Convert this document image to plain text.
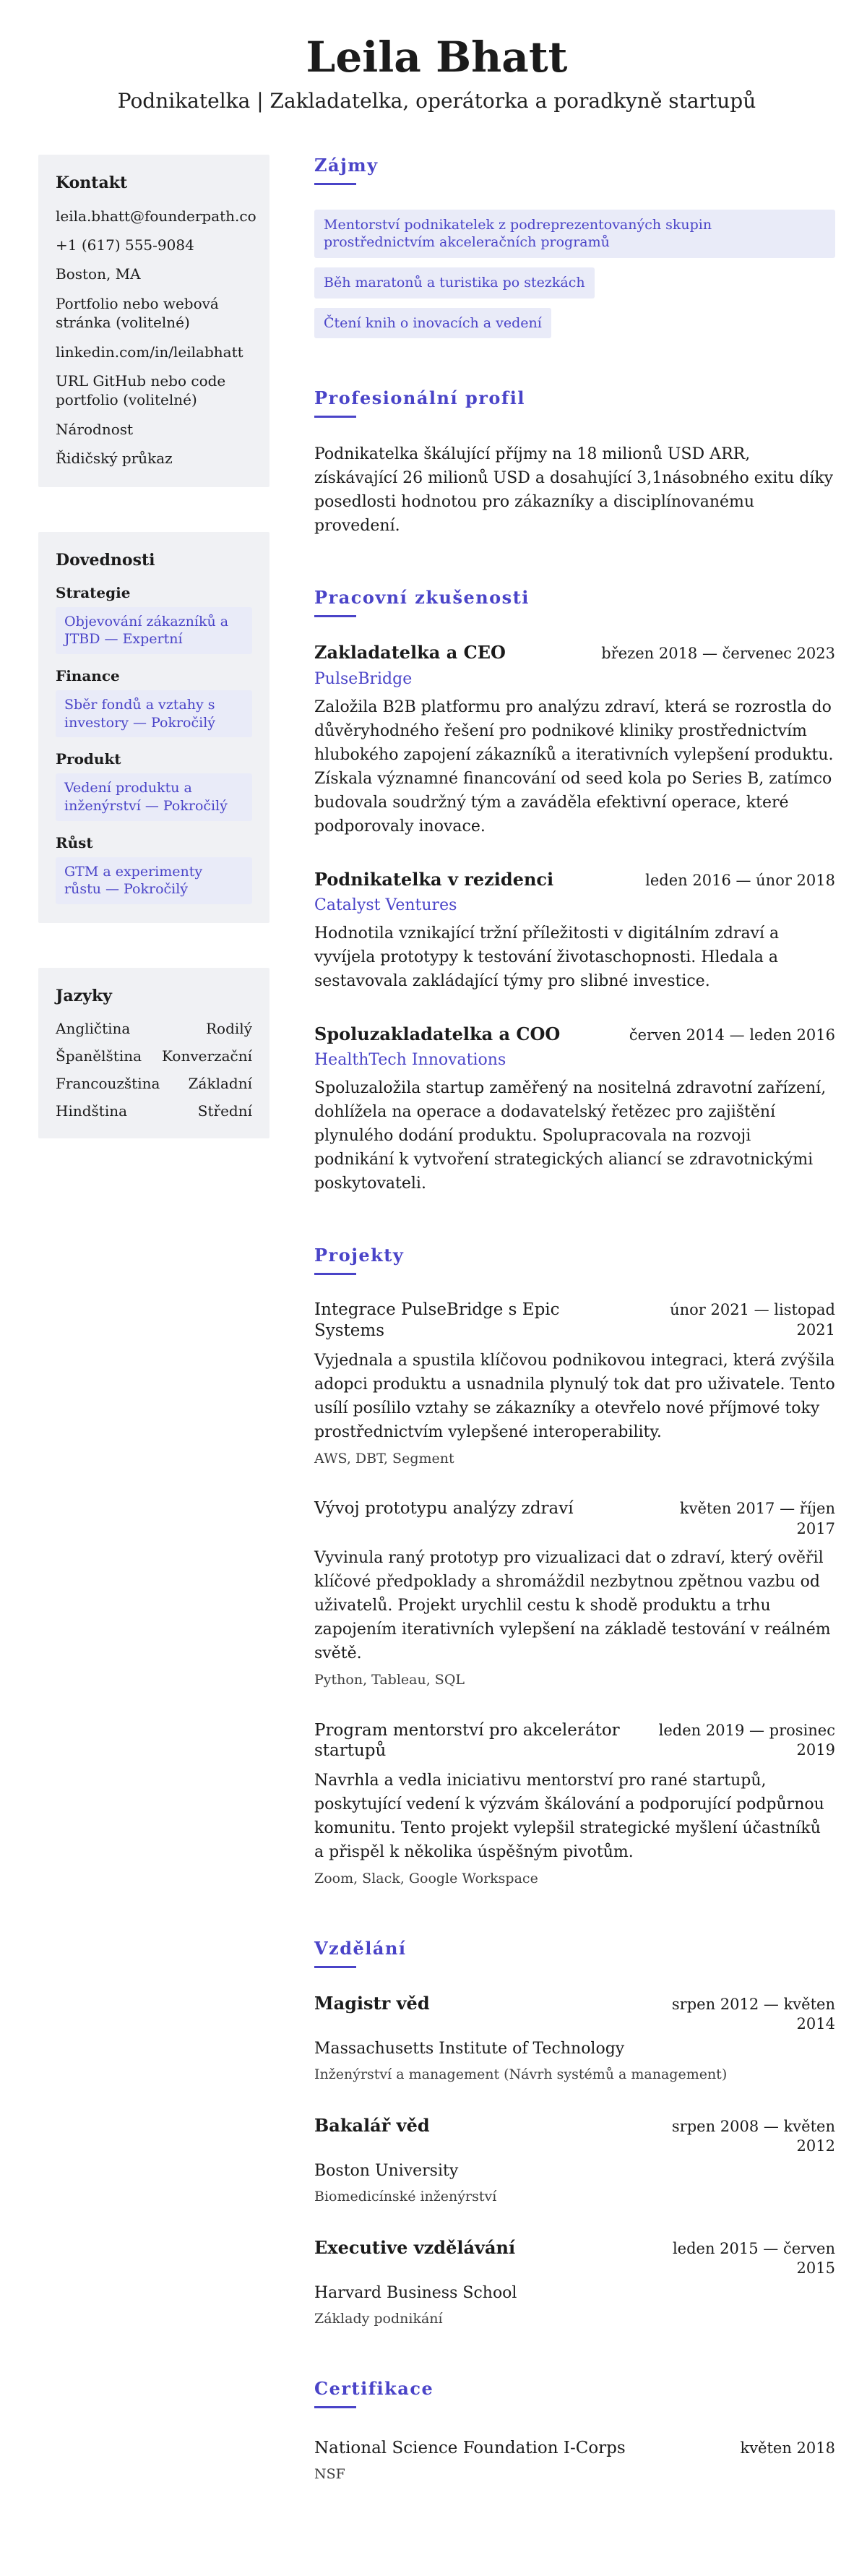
Leila Bhatt

Podnikatelka | Zakladatelka, operátorka a poradkyně startupů

Kontakt
leila.bhatt@founderpath.co
+1 (617) 555-9084
Boston, MA
Portfolio nebo webová stránka (volitelné)
linkedin.com/in/leilabhatt
URL GitHub nebo code portfolio (volitelné)
Národnost
Řidičský průkaz
Dovednosti
Strategie
Objevování zákazníků a JTBD — Expertní
Finance
Sběr fondů a vztahy s investory — Pokročilý
Produkt
Vedení produktu a inženýrství — Pokročilý
Růst
GTM a experimenty růstu — Pokročilý
Jazyky
Angličtina	Rodilý
Španělština Konverzační
Francouzština Základní
Hindština	Střední
Zájmy
Mentorství podnikatelek z podreprezentovaných skupin prostřednictvím akceleračních programů
Běh maratonů a turistika po stezkách
Čtení knih o inovacích a vedení
Profesionální profil

Podnikatelka škálující příjmy na 18 milionů USD ARR, získávající 26 milionů USD a dosahující 3,1násobného exitu díky posedlosti hodnotou pro zákazníky a disciplínovanému provedení.

Pracovní zkušenosti
Zakladatelka a CEO	březen 2018 — červenec 2023
PulseBridge

Založila B2B platformu pro analýzu zdraví, která se rozrostla do důvěryhodného řešení pro podnikové kliniky prostřednictvím hlubokého zapojení zákazníků a iterativních vylepšení produktu. Získala významné financování od seed kola po Series B, zatímco budovala soudržný tým a zaváděla efektivní operace, které podporovaly inovace.

Podnikatelka v rezidenci	leden 2016 — únor 2018
Catalyst Ventures

Hodnotila vznikající tržní příležitosti v digitálním zdraví a vyvíjela prototypy k testování životaschopnosti. Hledala a sestavovala zakládající týmy pro slibné investice.

Spoluzakladatelka a COO	červen 2014 — leden 2016
HealthTech Innovations

Spoluzaložila startup zaměřený na nositelná zdravotní zařízení, dohlížela na operace a dodavatelský řetězec pro zajištění plynulého dodání produktu. Spolupracovala na rozvoji podnikání k vytvoření strategických aliancí se zdravotnickými poskytovateli.

Projekty
Integrace PulseBridge s Epic Systems
únor 2021 — listopad 2021

Vyjednala a spustila klíčovou podnikovou integraci, která zvýšila adopci produktu a usnadnila plynulý tok dat pro uživatele. Tento usílí posílilo vztahy se zákazníky a otevřelo nové příjmové toky prostřednictvím vylepšené interoperability.

AWS, DBT, Segment
Vývoj prototypu analýzy zdraví	květen 2017 — říjen 2017

Vyvinula raný prototyp pro vizualizaci dat o zdraví, který ověřil klíčové předpoklady a shromáždil nezbytnou zpětnou vazbu od uživatelů. Projekt urychlil cestu k shodě produktu a trhu zapojením iterativních vylepšení na základě testování v reálném světě.

Python, Tableau, SQL
Program mentorství pro akcelerátor startupů
leden 2019 — prosinec 2019

Navrhla a vedla iniciativu mentorství pro rané startupů, poskytující vedení k výzvám škálování a podporující podpůrnou komunitu. Tento projekt vylepšil strategické myšlení účastníků a přispěl k několika úspěšným pivotům.

Zoom, Slack, Google Workspace
Vzdělání
Magistr věd	srpen 2012 — květen 2014
Massachusetts Institute of Technology
Inženýrství a management (Návrh systémů a management)
Bakalář věd	srpen 2008 — květen 2012
Boston University
Biomedicínské inženýrství
Executive vzdělávání	leden 2015 — červen 2015
Harvard Business School
Základy podnikání
Certifikace
National Science Foundation I-Corps	květen 2018
NSF
